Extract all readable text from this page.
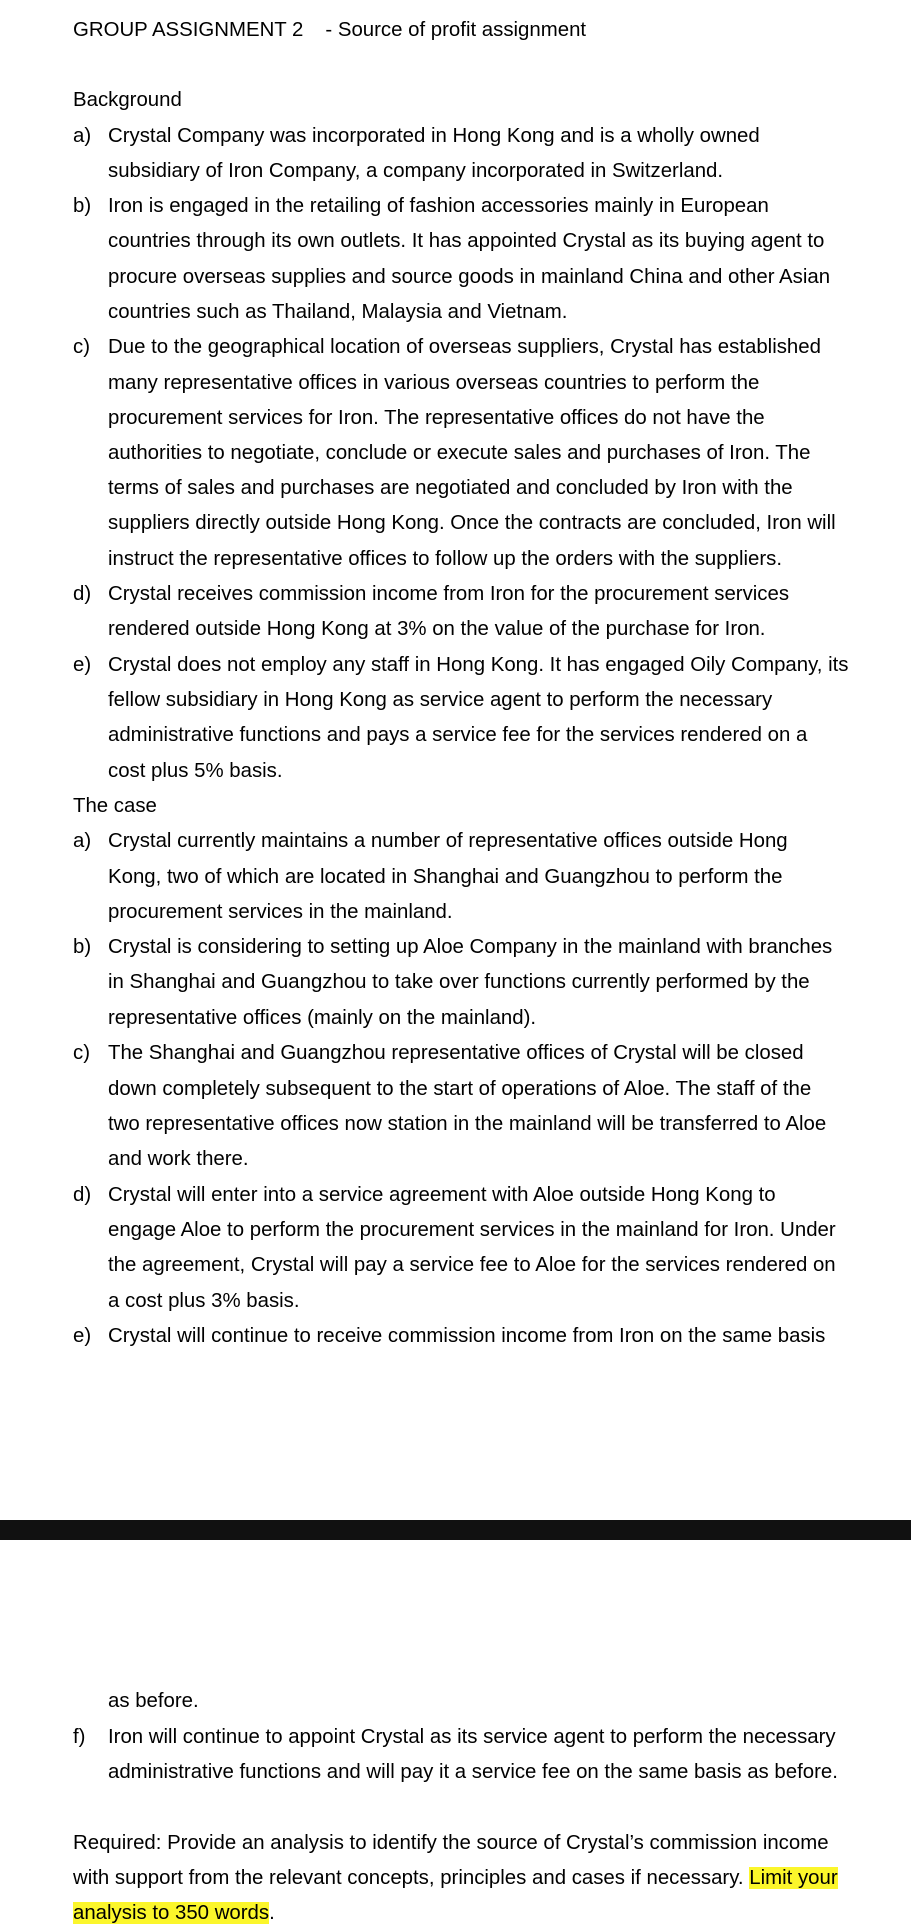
GROUP ASSIGNMENT 2 - Source of profit assignment
Background
a) Crystal Company was incorporated in Hong Kong and is a wholly owned
subsidiary of Iron Company, a company incorporated in Switzerland.
b) Iron is engaged in the retailing of fashion accessories mainly in European
countries through its own outlets. It has appointed Crystal as its buying agent to
procure overseas supplies and source goods in mainland China and other Asian
countries such as Thailand, Malaysia and Vietnam.
c) Due to the geographical location of overseas suppliers, Crystal has established
many representative offices in various overseas countries to perform the
procurement services for Iron. The representative offices do not have the
authorities to negotiate, conclude or execute sales and purchases of Iron. The
terms of sales and purchases are negotiated and concluded by Iron with the
suppliers directly outside Hong Kong. Once the contracts are concluded, Iron will
instruct the representative offices to follow up the orders with the suppliers.
d) Crystal receives commission income from Iron for the procurement services
rendered outside Hong Kong at 3% on the value of the purchase for Iron.
e) Crystal does not employ any staff in Hong Kong. It has engaged Oily Company, its
fellow subsidiary in Hong Kong as service agent to perform the necessary
administrative functions and pays a service fee for the services rendered on a
cost plus 5% basis.
The case
a) Crystal currently maintains a number of representative offices outside Hong
Kong, two of which are located in Shanghai and Guangzhou to perform the
procurement services in the mainland.
b) Crystal is considering to setting up Aloe Company in the mainland with branches
in Shanghai and Guangzhou to take over functions currently performed by the
representative offices (mainly on the mainland).
c) The Shanghai and Guangzhou representative offices of Crystal will be closed
down completely subsequent to the start of operations of Aloe. The staff of the
two representative offices now station in the mainland will be transferred to Aloe
and work there.
d) Crystal will enter into a service agreement with Aloe outside Hong Kong to
engage Aloe to perform the procurement services in the mainland for Iron. Under
the agreement, Crystal will pay a service fee to Aloe for the services rendered on
a cost plus 3% basis.
e) Crystal will continue to receive commission income from Iron on the same basis
as before.
f)	Iron will continue to appoint Crystal as its service agent to perform the necessary
administrative functions and will pay it a service fee on the same basis as before.
Required: Provide an analysis to identify the source of Crystal’s commission income
with support from the relevant concepts, principles and cases if necessary. Limit your
analysis to 350 words.
